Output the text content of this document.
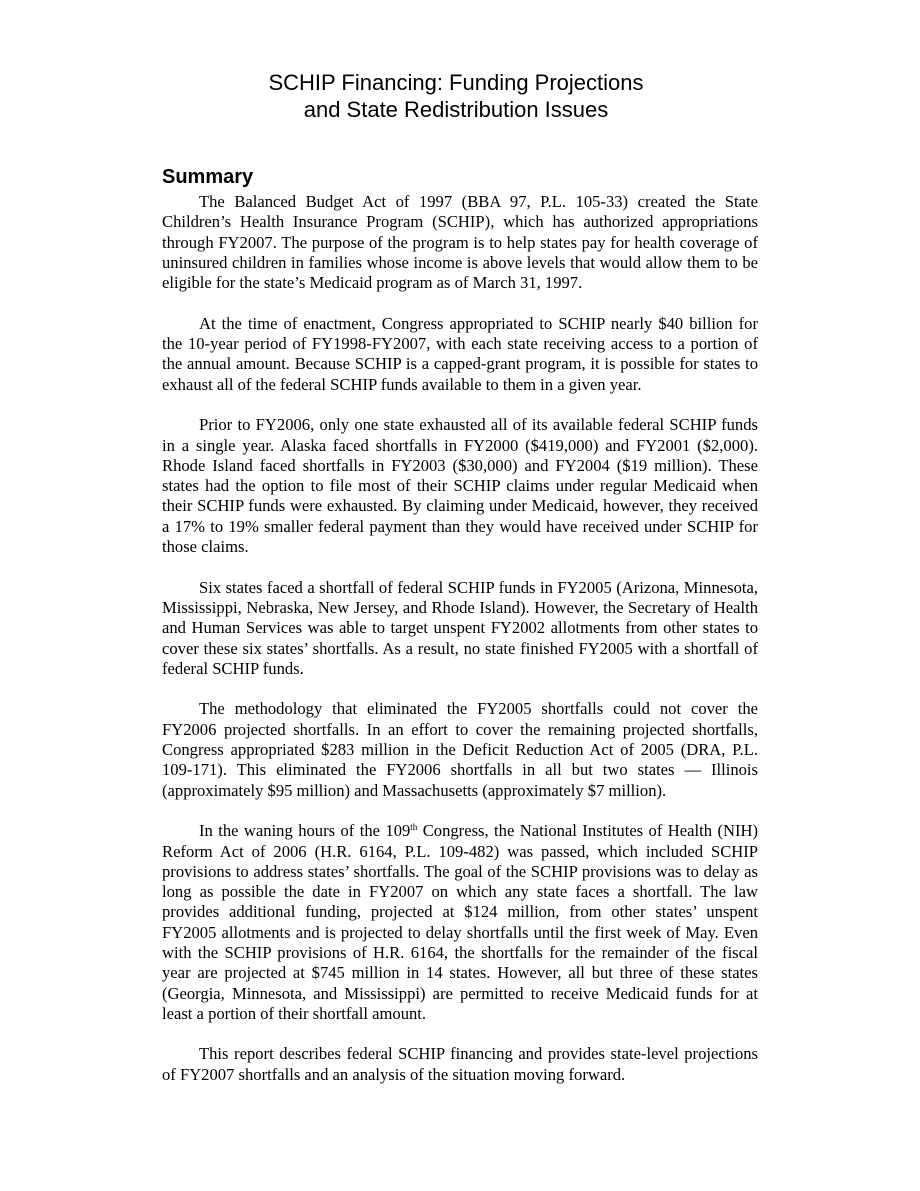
SCHIP Financing: Funding Projections
and State Redistribution Issues
Summary

The Balanced Budget Act of 1997 (BBA 97, P.L. 105-33) created the State Children’s Health Insurance Program (SCHIP), which has authorized appropriations through FY2007. The purpose of the program is to help states pay for health coverage of uninsured children in families whose income is above levels that would allow them to be eligible for the state’s Medicaid program as of March 31, 1997.

At the time of enactment, Congress appropriated to SCHIP nearly $40 billion for the 10-year period of FY1998-FY2007, with each state receiving access to a portion of the annual amount. Because SCHIP is a capped-grant program, it is possible for states to exhaust all of the federal SCHIP funds available to them in a given year.

Prior to FY2006, only one state exhausted all of its available federal SCHIP funds in a single year. Alaska faced shortfalls in FY2000 ($419,000) and FY2001 ($2,000). Rhode Island faced shortfalls in FY2003 ($30,000) and FY2004 ($19 million). These states had the option to file most of their SCHIP claims under regular Medicaid when their SCHIP funds were exhausted. By claiming under Medicaid, however, they received a 17% to 19% smaller federal payment than they would have received under SCHIP for those claims.

Six states faced a shortfall of federal SCHIP funds in FY2005 (Arizona, Minnesota, Mississippi, Nebraska, New Jersey, and Rhode Island). However, the Secretary of Health and Human Services was able to target unspent FY2002 allotments from other states to cover these six states’ shortfalls. As a result, no state finished FY2005 with a shortfall of federal SCHIP funds.

The methodology that eliminated the FY2005 shortfalls could not cover the FY2006 projected shortfalls. In an effort to cover the remaining projected shortfalls, Congress appropriated $283 million in the Deficit Reduction Act of 2005 (DRA, P.L. 109-171). This eliminated the FY2006 shortfalls in all but two states — Illinois (approximately $95 million) and Massachusetts (approximately $7 million).

In the waning hours of the 109th Congress, the National Institutes of Health (NIH) Reform Act of 2006 (H.R. 6164, P.L. 109-482) was passed, which included SCHIP provisions to address states’ shortfalls. The goal of the SCHIP provisions was to delay as long as possible the date in FY2007 on which any state faces a shortfall. The law provides additional funding, projected at $124 million, from other states’ unspent FY2005 allotments and is projected to delay shortfalls until the first week of May. Even with the SCHIP provisions of H.R. 6164, the shortfalls for the remainder of the fiscal year are projected at $745 million in 14 states. However, all but three of these states (Georgia, Minnesota, and Mississippi) are permitted to receive Medicaid funds for at least a portion of their shortfall amount.

This report describes federal SCHIP financing and provides state-level projections of FY2007 shortfalls and an analysis of the situation moving forward.
